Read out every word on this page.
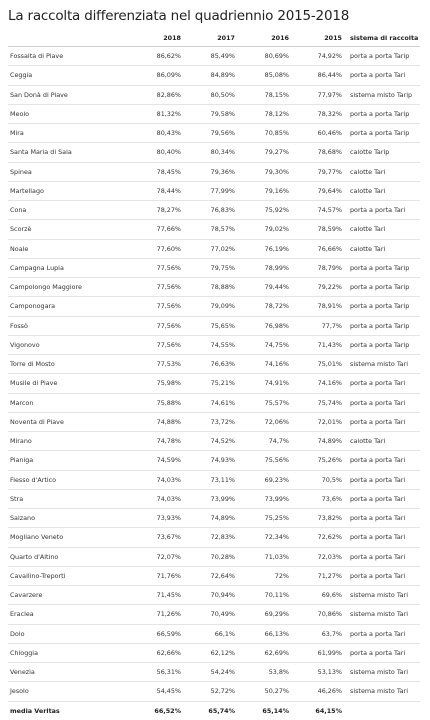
La raccolta differenziata nel quadriennio 2015-2018
	2018	2017	2016	2015	sistema di raccolta
Fossalta di Piave	86,62%	85,49%	80,69%	74,92%	porta a porta Tarip
Ceggia	86,09%	84,89%	85,08%	86,44%	porta a porta Tari
San Donà di Piave	82,86%	80,50%	78,15%	77,97%	sistema misto Tarip
Meolo	81,32%	79,58%	78,12%	78,32%	porta a porta Tarip
Mira	80,43%	79,56%	70,85%	60,46%	porta a porta Tarip
Santa Maria di Sala	80,40%	80,34%	79,27%	78,68%	calotte Tarip
Spinea	78,45%	79,36%	79,30%	79,77%	calotte Tari
Martellago	78,44%	77,99%	79,16%	79,64%	calotte Tari
Cona	78,27%	76,83%	75,92%	74,57%	porta a porta Tari
Scorzè	77,66%	78,57%	79,02%	78,59%	calotte Tari
Noale	77,60%	77,02%	76,19%	76,66%	calotte Tari
Campagna Lupia	77,56%	79,75%	78,99%	78,79%	porta a porta Tarip
Campolongo Maggiore	77,56%	78,88%	79,44%	79,22%	porta a porta Tarip
Camponogara	77,56%	79,09%	78,72%	78,91%	porta a porta Tarip
Fossò	77,56%	75,65%	76,98%	77,7%	porta a porta Tarip
Vigonovo	77,56%	74,55%	74,75%	71,43%	porta a porta Tarip
Torre di Mosto	77,53%	76,63%	74,16%	75,01%	sistema misto Tari
Musile di Piave	75,98%	75,21%	74,91%	74,16%	porta a porta Tari
Marcon	75,88%	74,61%	75,57%	75,74%	porta a porta Tari
Noventa di Piave	74,88%	73,72%	72,06%	72,01%	porta a porta Tari
Mirano	74,78%	74,52%	74,7%	74,89%	calotte Tari
Pianiga	74,59%	74,93%	75,56%	75,26%	porta a porta Tari
Fiesso d'Artico	74,03%	73,11%	69,23%	70,5%	porta a porta Tari
Stra	74,03%	73,99%	73,99%	73,6%	porta a porta Tari
Salzano	73,93%	74,89%	75,25%	73,82%	porta a porta Tari
Mogliano Veneto	73,67%	72,83%	72,34%	72,62%	porta a porta Tari
Quarto d'Altino	72,07%	70,28%	71,03%	72,03%	porta a porta Tari
Cavallino-Treporti	71,76%	72,64%	72%	71,27%	porta a porta Tari
Cavarzere	71,45%	70,94%	70,11%	69,6%	sistema misto Tari
Eraclea	71,26%	70,49%	69,29%	70,86%	sistema misto Tari
Dolo	66,59%	66,1%	66,13%	63,7%	porta a porta Tari
Chioggia	62,66%	62,12%	62,69%	61,99%	porta a porta Tari
Venezia	56,31%	54,24%	53,8%	53,13%	sistema misto Tari
Jesolo	54,45%	52,72%	50,27%	46,26%	sistema misto Tari
media Veritas	66,52%	65,74%	65,14%	64,15%	
